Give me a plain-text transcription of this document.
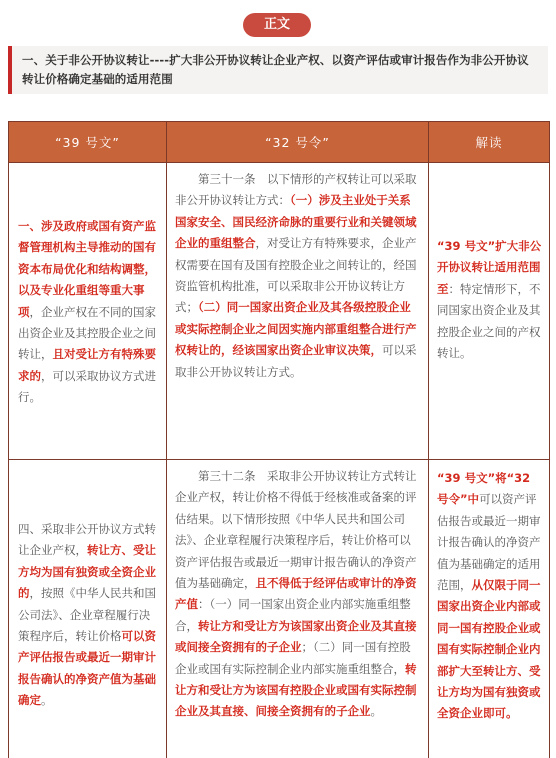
正文
一、关于非公开协议转让----扩大非公开协议转让企业产权、以资产评估或审计报告作为非公开协议转让价格确定基础的适用范围
“39 号文”	“32 号令”	解读
一、涉及政府或国有资产监督管理机构主导推动的国有资本布局优化和结构调整，以及专业化重组等重大事项，企业产权在不同的国家出资企业及其控股企业之间转让，且对受让方有特殊要求的，可以采取协议方式进行。	第三十一条　以下情形的产权转让可以采取非公开协议转让方式：（一）涉及主业处于关系国家安全、国民经济命脉的重要行业和关键领域企业的重组整合，对受让方有特殊要求，企业产权需要在国有及国有控股企业之间转让的，经国资监管机构批准，可以采取非公开协议转让方式；（二）同一国家出资企业及其各级控股企业或实际控制企业之间因实施内部重组整合进行产权转让的，经该国家出资企业审议决策，可以采取非公开协议转让方式。	“39 号文”扩大非公开协议转让适用范围至：特定情形下，不同国家出资企业及其控股企业之间的产权转让。
四、采取非公开协议方式转让企业产权，转让方、受让方均为国有独资或全资企业的，按照《中华人民共和国公司法》、企业章程履行决策程序后，转让价格可以资产评估报告或最近一期审计报告确认的净资产值为基础确定。	第三十二条　采取非公开协议转让方式转让企业产权，转让价格不得低于经核准或备案的评估结果。以下情形按照《中华人民共和国公司法》、企业章程履行决策程序后，转让价格可以资产评估报告或最近一期审计报告确认的净资产值为基础确定，且不得低于经评估或审计的净资产值：（一）同一国家出资企业内部实施重组整合，转让方和受让方为该国家出资企业及其直接或间接全资拥有的子企业；（二）同一国有控股企业或国有实际控制企业内部实施重组整合，转让方和受让方为该国有控股企业或国有实际控制企业及其直接、间接全资拥有的子企业。	“39 号文”将“32 号令”中可以资产评估报告或最近一期审计报告确认的净资产值为基础确定的适用范围，从仅限于同一国家出资企业内部或同一国有控股企业或国有实际控制企业内部扩大至转让方、受让方均为国有独资或全资企业即可。
